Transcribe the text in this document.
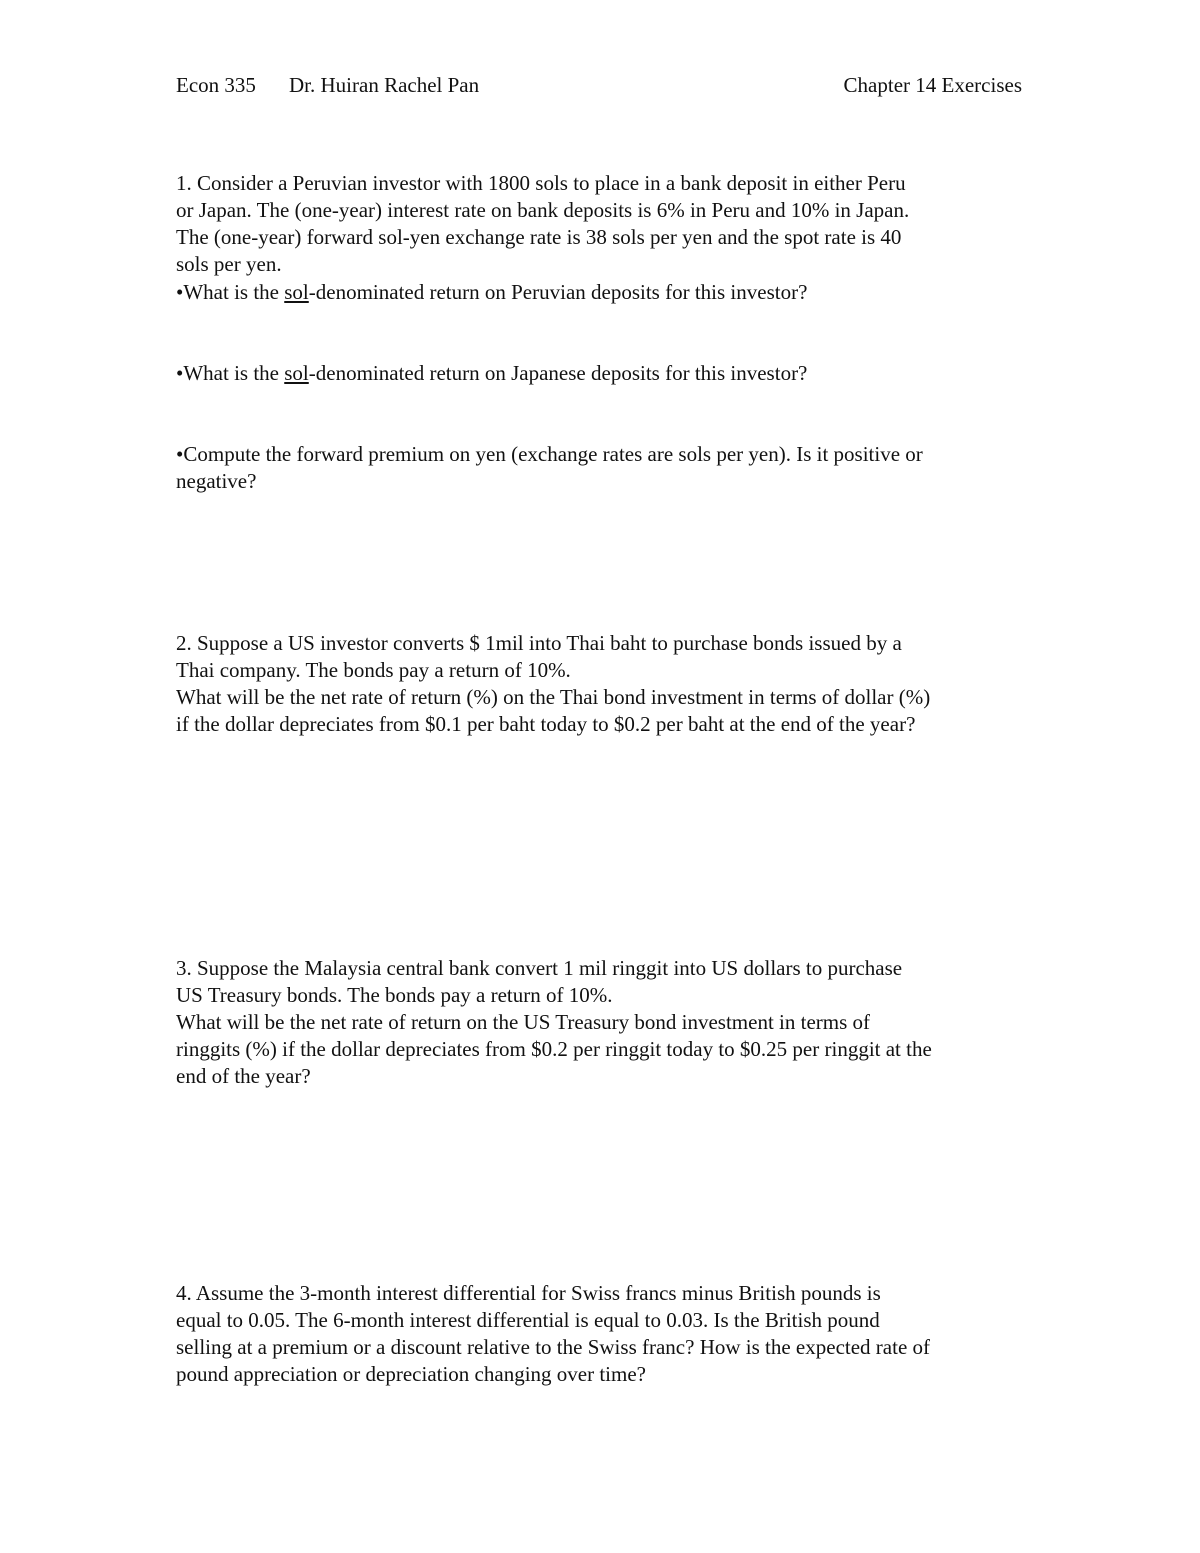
Econ 335 Dr. Huiran Rachel Pan	Chapter 14 Exercises
1. Consider a Peruvian investor with 1800 sols to place in a bank deposit in either Peru
or Japan. The (one-year) interest rate on bank deposits is 6% in Peru and 10% in Japan.
The (one-year) forward sol-yen exchange rate is 38 sols per yen and the spot rate is 40
sols per yen.
•What is the sol-denominated return on Peruvian deposits for this investor?
•What is the sol-denominated return on Japanese deposits for this investor?
•Compute the forward premium on yen (exchange rates are sols per yen). Is it positive or
negative?
2. Suppose a US investor converts $ 1mil into Thai baht to purchase bonds issued by a
Thai company. The bonds pay a return of 10%.
What will be the net rate of return (%) on the Thai bond investment in terms of dollar (%)
if the dollar depreciates from $0.1 per baht today to $0.2 per baht at the end of the year?
3. Suppose the Malaysia central bank convert 1 mil ringgit into US dollars to purchase
US Treasury bonds. The bonds pay a return of 10%.
What will be the net rate of return on the US Treasury bond investment in terms of
ringgits (%) if the dollar depreciates from $0.2 per ringgit today to $0.25 per ringgit at the
end of the year?
4. Assume the 3-month interest differential for Swiss francs minus British pounds is
equal to 0.05. The 6-month interest differential is equal to 0.03. Is the British pound
selling at a premium or a discount relative to the Swiss franc? How is the expected rate of
pound appreciation or depreciation changing over time?
